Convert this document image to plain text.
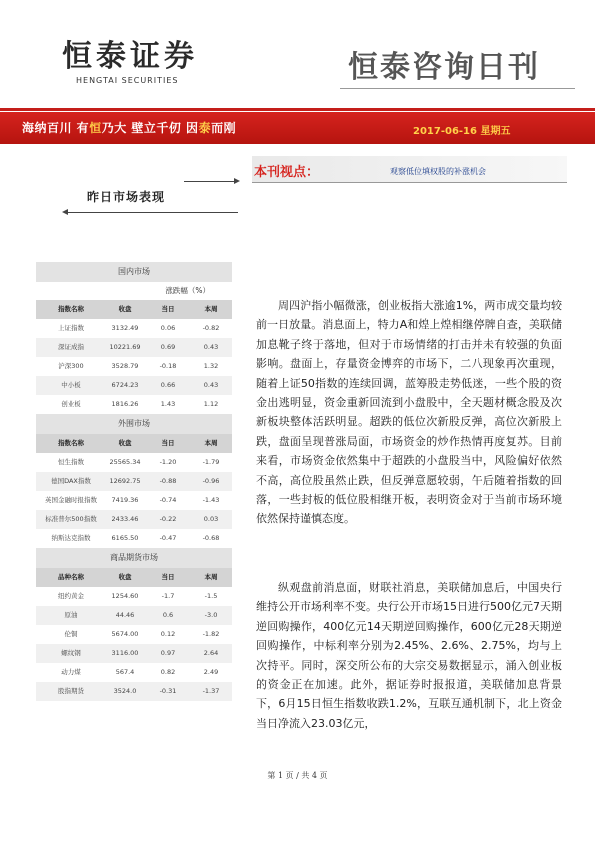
恒泰证券
HENGTAI SECURITIES	恒泰咨询日刊
海纳百川 有恒乃大 壁立千仞 因泰而刚	2017-06-16 星期五
本刊视点：	观察低位填权股的补涨机会
昨日市场表现
国内市场
涨跌幅（%）
指数名称	收盘	当日	本周
上证指数	3132.49	0.06	-0.82
深证成指	10221.69	0.69	0.43
沪深300	3528.79	-0.18	1.32
中小板	6724.23	0.66	0.43
创业板	1816.26	1.43	1.12
外围市场
指数名称	收盘	当日	本周
恒生指数	25565.34	-1.20	-1.79
德国DAX指数	12692.75	-0.88	-0.96
英国金融时报指数	7419.36	-0.74	-1.43
标准普尔500指数	2433.46	-0.22	0.03
纳斯达克指数	6165.50	-0.47	-0.68
商品期货市场
品种名称	收盘	当日	本周
纽约黄金	1254.60	-1.7	-1.5
原油	44.46	0.6	-3.0
伦铜	5674.00	0.12	-1.82
螺纹钢	3116.00	0.97	2.64
动力煤	567.4	0.82	2.49
股指期货	3524.0	-0.31	-1.37

周四沪指小幅微涨，创业板指大涨逾1%，两市成交量均较前一日放量。消息面上，特力A和煌上煌相继停牌自查，美联储加息靴子终于落地，但对于市场情绪的打击并未有较强的负面影响。盘面上，存量资金博弈的市场下，二八现象再次重现，随着上证50指数的连续回调，蓝筹股走势低迷，一些个股的资金出逃明显，资金重新回流到小盘股中，全天题材概念股及次新板块整体活跃明显。超跌的低位次新股反弹，高位次新股上跌，盘面呈现普涨局面，市场资金的炒作热情再度复苏。目前来看，市场资金依然集中于超跌的小盘股当中，风险偏好依然不高，高位股虽然止跌，但反弹意愿较弱，午后随着指数的回落，一些封板的低位股相继开板，表明资金对于当前市场环境依然保持谨慎态度。

纵观盘前消息面，财联社消息，美联储加息后，中国央行维持公开市场利率不变。央行公开市场15日进行500亿元7天期逆回购操作，400亿元14天期逆回购操作，600亿元28天期逆回购操作，中标利率分别为2.45%、2.6%、2.75%，均与上次持平。同时，深交所公布的大宗交易数据显示，涌入创业板的资金正在加速。此外，据证券时报报道，美联储加息背景下，6月15日恒生指数收跌1.2%，互联互通机制下，北上资金当日净流入23.03亿元，

第 1 页 / 共 4 页
